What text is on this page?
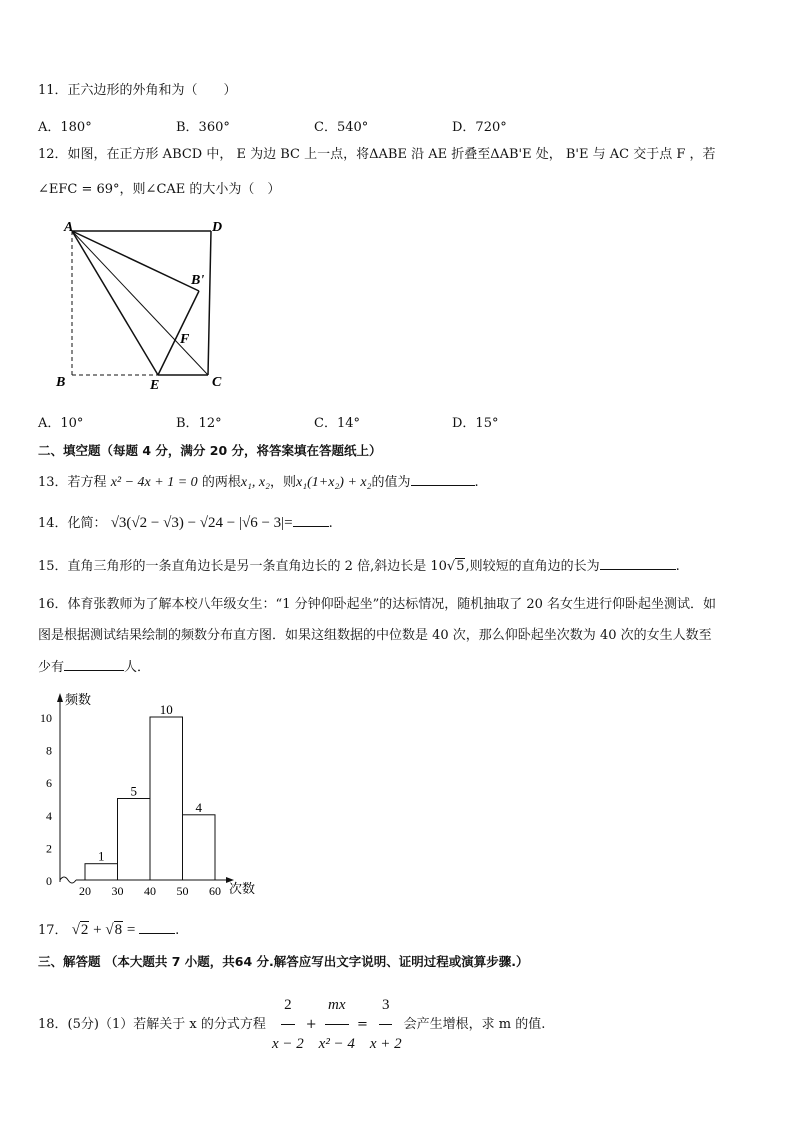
11．正六边形的外角和为（　　）
A．180°	B．360°	C．540°	D．720°
12．如图，在正方形 ABCD 中， E 为边 BC 上一点，将ΔABE 沿 AE 折叠至ΔAB'E 处， B'E 与 AC 交于点 F ，若
∠EFC = 69°，则∠CAE 的大小为（　）
A	D
B	E	C
B'
F
A．10°	B．12°	C．14°	D．15°
二、填空题（每题 4 分，满分 20 分，将答案填在答题纸上）
13．若方程 x² − 4x + 1 = 0 的两根x₁, x₂，则x₁(1+x₂) + x₂的值为	.
14．化简： √3(√2 − √3) − √24 − |√6 − 3|=	.
15．直角三角形的一条直角边长是另一条直角边长的 2 倍,斜边长是 10√5,则较短的直角边的长为	.
16．体育张教师为了解本校八年级女生：“1 分钟仰卧起坐”的达标情况，随机抽取了 20 名女生进行仰卧起坐测试．如
图是根据测试结果绘制的频数分布直方图．如果这组数据的中位数是 40 次，那么仰卧起坐次数为 40 次的女生人数至
少有	人．
频数
次数
0
2
4
6
8
10
20 30 40 50 60
1
5
10
4
17． √2 + √8 =	.
三、解答题 （本大题共 7 小题，共64 分.解答应写出文字说明、证明过程或演算步骤.）
18．(5分)（1）若解关于 x 的分式方程 $\frac{2}{x - 2} + \frac{mx}{\text{x² − 4}} = \frac{3}{x + 2}$ 会产生增根，求 m 的值.
